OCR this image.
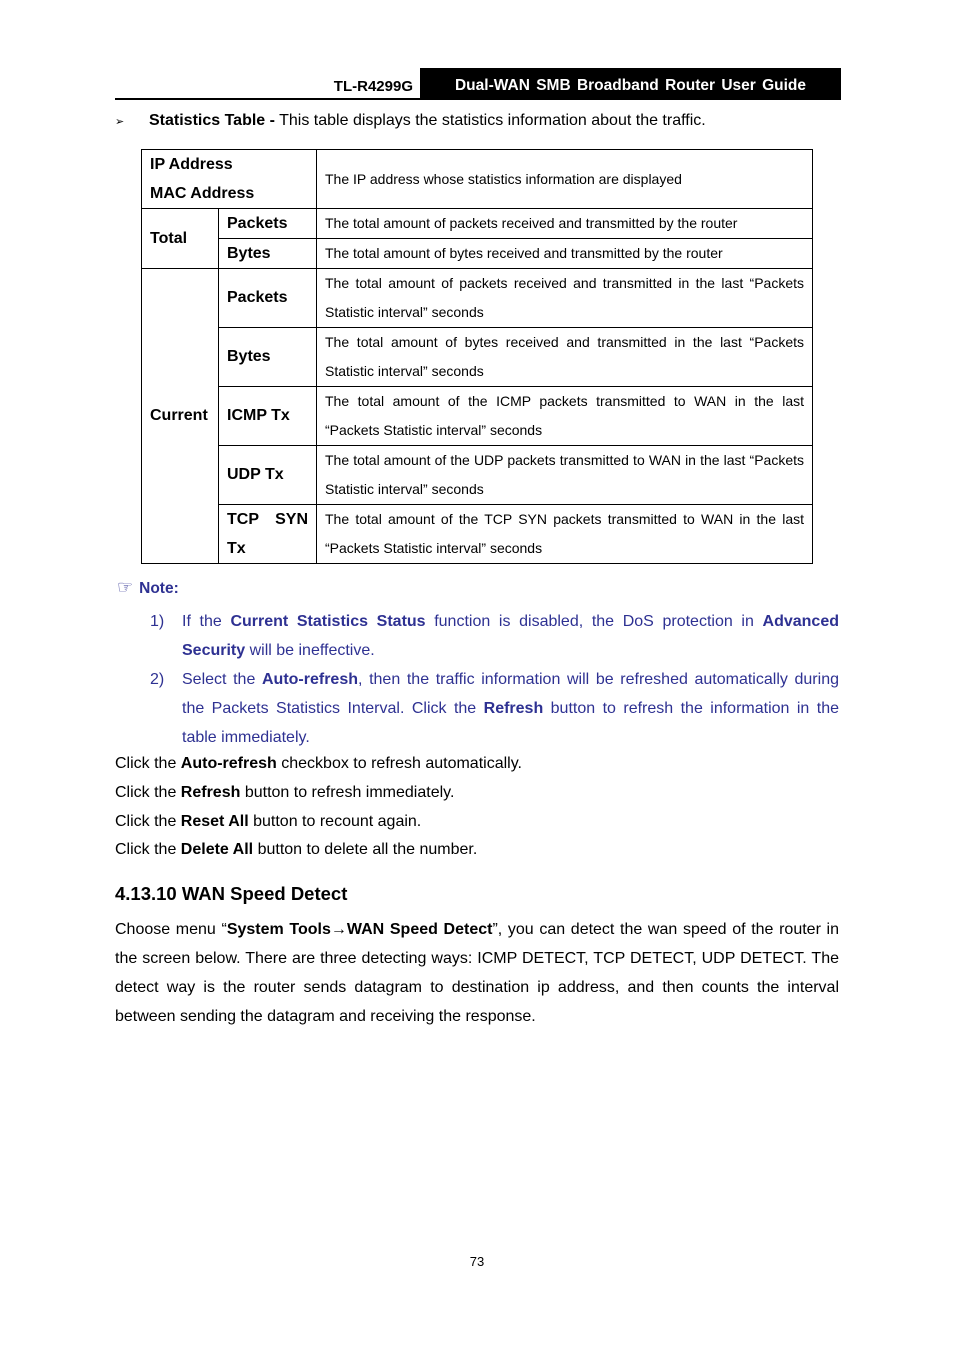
TL-R4299G	Dual-WAN SMB Broadband Router User Guide
➢ Statistics Table - This table displays the statistics information about the traffic.
IP Address
MAC Address		The IP address whose statistics information are displayed
Total	Packets	The total amount of packets received and transmitted by the router
	Bytes	The total amount of bytes received and transmitted by the router
Current	Packets	The total amount of packets received and transmitted in the last “Packets Statistic interval” seconds
	Bytes	The total amount of bytes received and transmitted in the last “Packets Statistic interval” seconds
	ICMP Tx	The total amount of the ICMP packets transmitted to WAN in the last “Packets Statistic interval” seconds
	UDP Tx	The total amount of the UDP packets transmitted to WAN in the last “Packets Statistic interval” seconds
	TCP SYN Tx	The total amount of the TCP SYN packets transmitted to WAN in the last “Packets Statistic interval” seconds
☞ Note:
1) If the Current Statistics Status function is disabled, the DoS protection in Advanced Security will be ineffective.
2) Select the Auto-refresh, then the traffic information will be refreshed automatically during the Packets Statistics Interval. Click the Refresh button to refresh the information in the table immediately.
Click the Auto-refresh checkbox to refresh automatically.
Click the Refresh button to refresh immediately.
Click the Reset All button to recount again.
Click the Delete All button to delete all the number.
4.13.10 WAN Speed Detect
Choose menu “System Tools→WAN Speed Detect”, you can detect the wan speed of the router in the screen below. There are three detecting ways: ICMP DETECT, TCP DETECT, UDP DETECT. The detect way is the router sends datagram to destination ip address, and then counts the interval between sending the datagram and receiving the response.
73
